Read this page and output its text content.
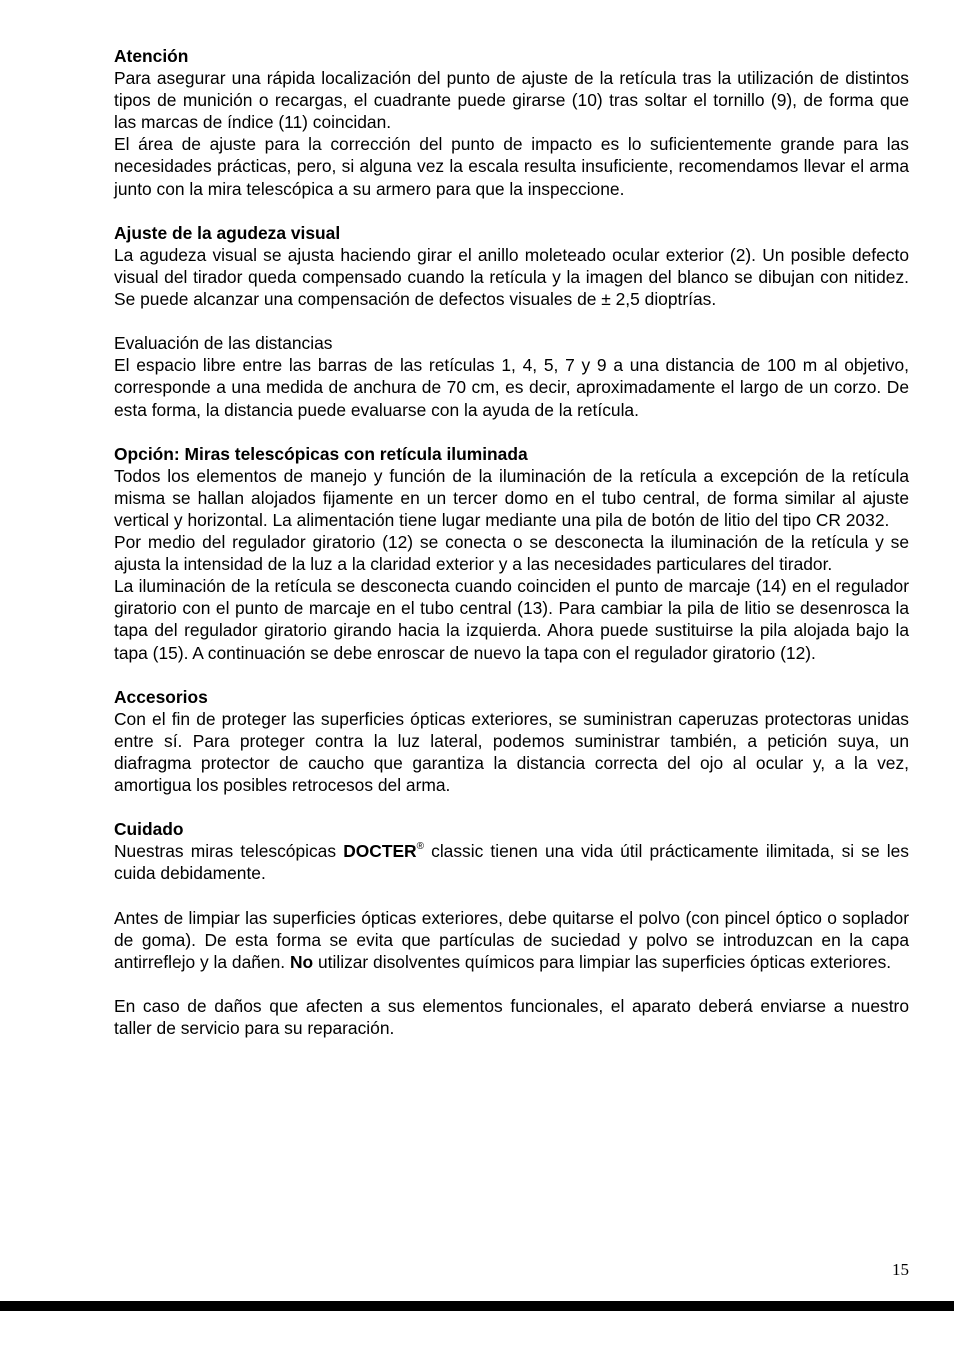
Atención

Para asegurar una rápida localización del punto de ajuste de la retícula tras la utilización de distintos tipos de munición o recargas, el cuadrante puede girarse (10) tras soltar el tornillo (9), de forma que las marcas de índice (11) coincidan.

El área de ajuste para la corrección del punto de impacto es lo suficientemente grande para las necesidades prácticas, pero, si alguna vez la escala resulta insuficiente, recomendamos llevar el arma junto con la mira telescópica a su armero para que la inspeccione.

Ajuste de la agudeza visual

La agudeza visual se ajusta haciendo girar el anillo moleteado ocular exterior (2). Un posible defecto visual del tirador queda compensado cuando la retícula y la imagen del blanco se dibujan con nitidez. Se puede alcanzar una compensación de defectos visuales de ± 2,5 dioptrías.

Evaluación de las distancias

El espacio libre entre las barras de las retículas 1, 4, 5, 7 y 9 a una distancia de 100 m al objetivo, corresponde a una medida de anchura de 70 cm, es decir, aproximadamente el largo de un corzo. De esta forma, la distancia puede evaluarse con la ayuda de la retícula.

Opción: Miras telescópicas con retícula iluminada

Todos los elementos de manejo y función de la iluminación de la retícula a excepción de la retícula misma se hallan alojados fijamente en un tercer domo en el tubo central, de forma similar al ajuste vertical y horizontal. La alimentación tiene lugar mediante una pila de botón de litio del tipo CR 2032.

Por medio del regulador giratorio (12) se conecta o se desconecta la iluminación de la retícula y se ajusta la intensidad de la luz a la claridad exterior y a las necesidades particulares del tirador.

La iluminación de la retícula se desconecta cuando coinciden el punto de marcaje (14) en el regulador giratorio con el punto de marcaje en el tubo central (13). Para cambiar la pila de litio se desenrosca la tapa del regulador giratorio girando hacia la izquierda. Ahora puede sustituirse la pila alojada bajo la tapa (15). A continuación se debe enroscar de nuevo la tapa con el regulador giratorio (12).

Accesorios

Con el fin de proteger las superficies ópticas exteriores, se suministran caperuzas protectoras unidas entre sí. Para proteger contra la luz lateral, podemos suministrar también, a petición suya, un diafragma protector de caucho que garantiza la distancia correcta del ojo al ocular y, a la vez, amortigua los posibles retrocesos del arma.

Cuidado

Nuestras miras telescópicas DOCTER® classic tienen una vida útil prácticamente ilimitada, si se les cuida debidamente.

Antes de limpiar las superficies ópticas exteriores, debe quitarse el polvo (con pincel óptico o soplador de goma). De esta forma se evita que partículas de suciedad y polvo se introduzcan en la capa antirreflejo y la dañen. No utilizar disolventes químicos para limpiar las superficies ópticas exteriores.

En caso de daños que afecten a sus elementos funcionales, el aparato deberá enviarse a nuestro taller de servicio para su reparación.

15
